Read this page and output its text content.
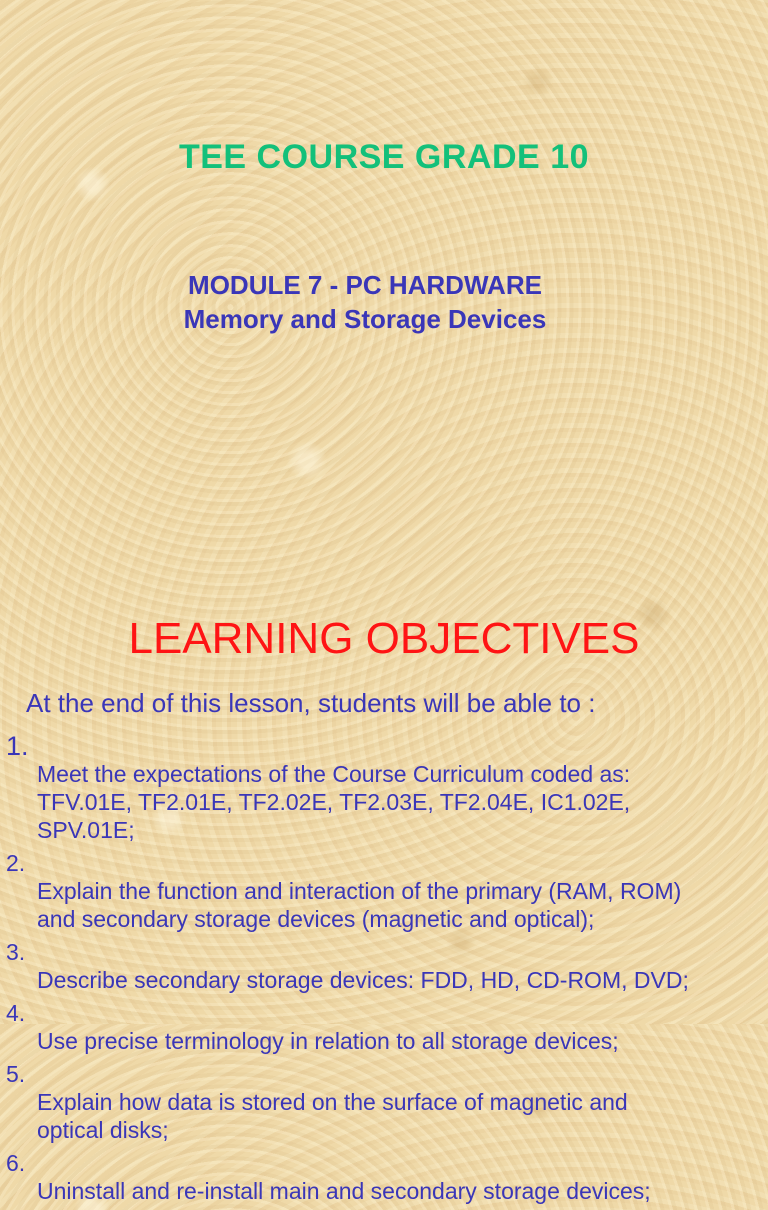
TEE COURSE GRADE 10
MODULE 7 - PC HARDWARE
Memory and Storage Devices
LEARNING OBJECTIVES
At the end of this lesson, students will be able to :

1.
Meet the expectations of the Course Curriculum coded as:
TFV.01E, TF2.01E, TF2.02E, TF2.03E, TF2.04E, IC1.02E,
SPV.01E;

2.
Explain the function and interaction of the primary (RAM, ROM)
and secondary storage devices (magnetic and optical);

3.
Describe secondary storage devices: FDD, HD, CD-ROM, DVD;

4.
Use precise terminology in relation to all storage devices;

5.
Explain how data is stored on the surface of magnetic and
optical disks;

6.
Uninstall and re-install main and secondary storage devices;
